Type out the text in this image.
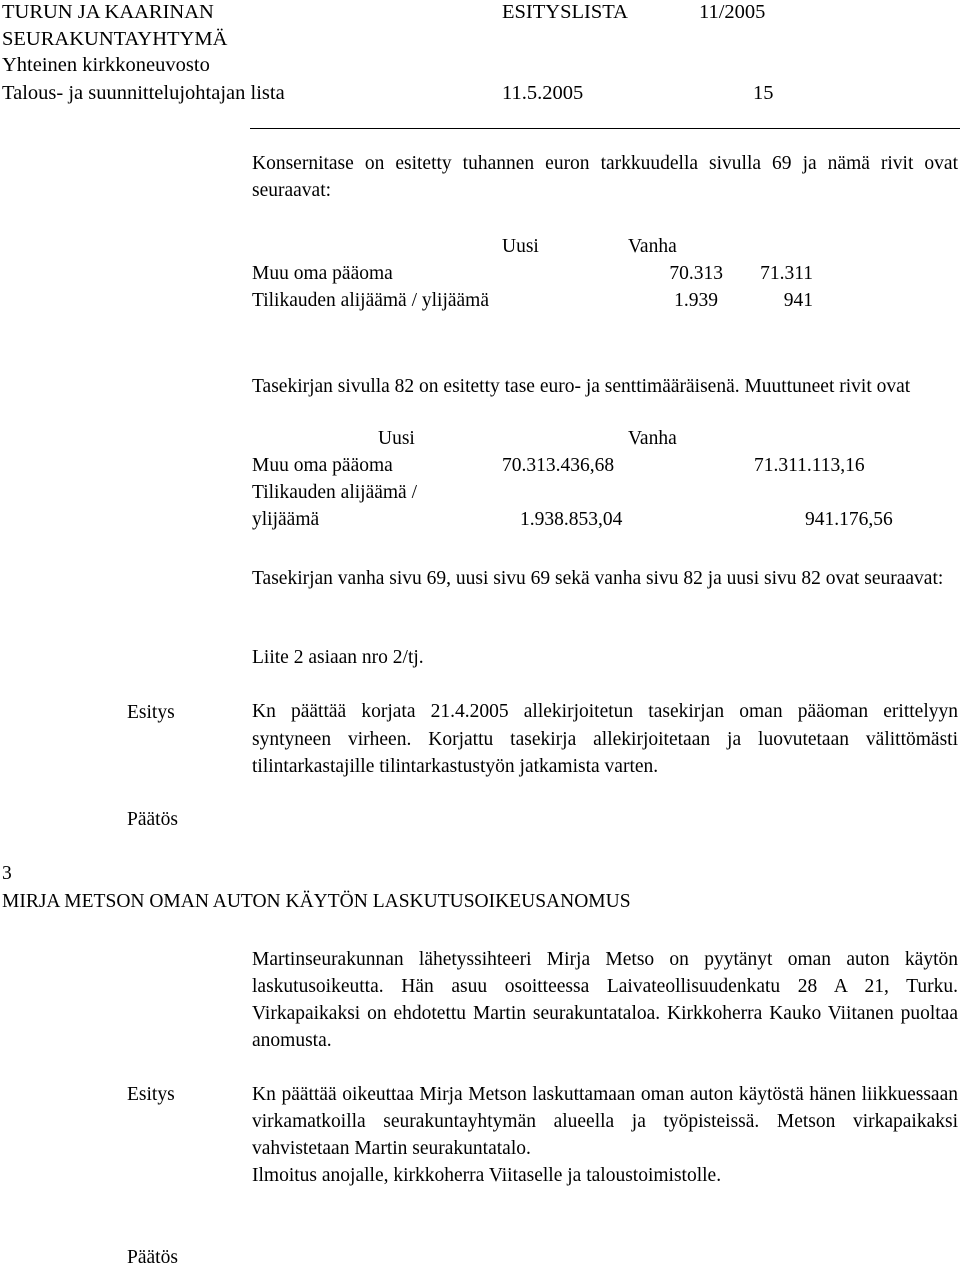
TURUN JA KAARINAN
SEURAKUNTAYHTYMÄ
Yhteinen kirkkoneuvosto
Talous- ja suunnittelujohtajan lista
ESITYSLISTA	11/2005
11.5.2005	15
Konsernitase on esitetty tuhannen euron tarkkuudella sivulla 69 ja nämä rivit ovat seuraavat:
Uusi	Vanha
Muu oma pääoma	70.313	71.311
Tilikauden alijäämä / ylijäämä	1.939	941
Tasekirjan sivulla 82 on esitetty tase euro- ja senttimääräisenä. Muuttuneet rivit ovat
Uusi	Vanha
Muu oma pääoma	70.313.436,68	71.311.113,16
Tilikauden alijäämä /
ylijäämä	1.938.853,04	941.176,56
Tasekirjan vanha sivu 69, uusi sivu 69 sekä vanha sivu 82 ja uusi sivu 82 ovat seuraavat:
Liite 2 asiaan nro 2/tj.
Esitys	Kn päättää korjata 21.4.2005 allekirjoitetun tasekirjan oman pääoman erittelyyn syntyneen virheen. Korjattu tasekirja allekirjoitetaan ja luovutetaan välittömästi tilintarkastajille tilintarkastustyön jatkamista varten.
Päätös
3
MIRJA METSON OMAN AUTON KÄYTÖN LASKUTUSOIKEUSANOMUS
Martinseurakunnan lähetyssihteeri Mirja Metso on pyytänyt oman auton käytön laskutusoikeutta. Hän asuu osoitteessa Laivateollisuudenkatu 28 A 21, Turku. Virkapaikaksi on ehdotettu Martin seurakuntataloa. Kirkkoherra Kauko Viitanen puoltaa anomusta.
Esitys	Kn päättää oikeuttaa Mirja Metson laskuttamaan oman auton käytöstä hänen liikkuessaan virkamatkoilla seurakuntayhtymän alueella ja työpisteissä. Metson virkapaikaksi vahvistetaan Martin seurakuntatalo.
Ilmoitus anojalle, kirkkoherra Viitaselle ja taloustoimistolle.
Päätös
